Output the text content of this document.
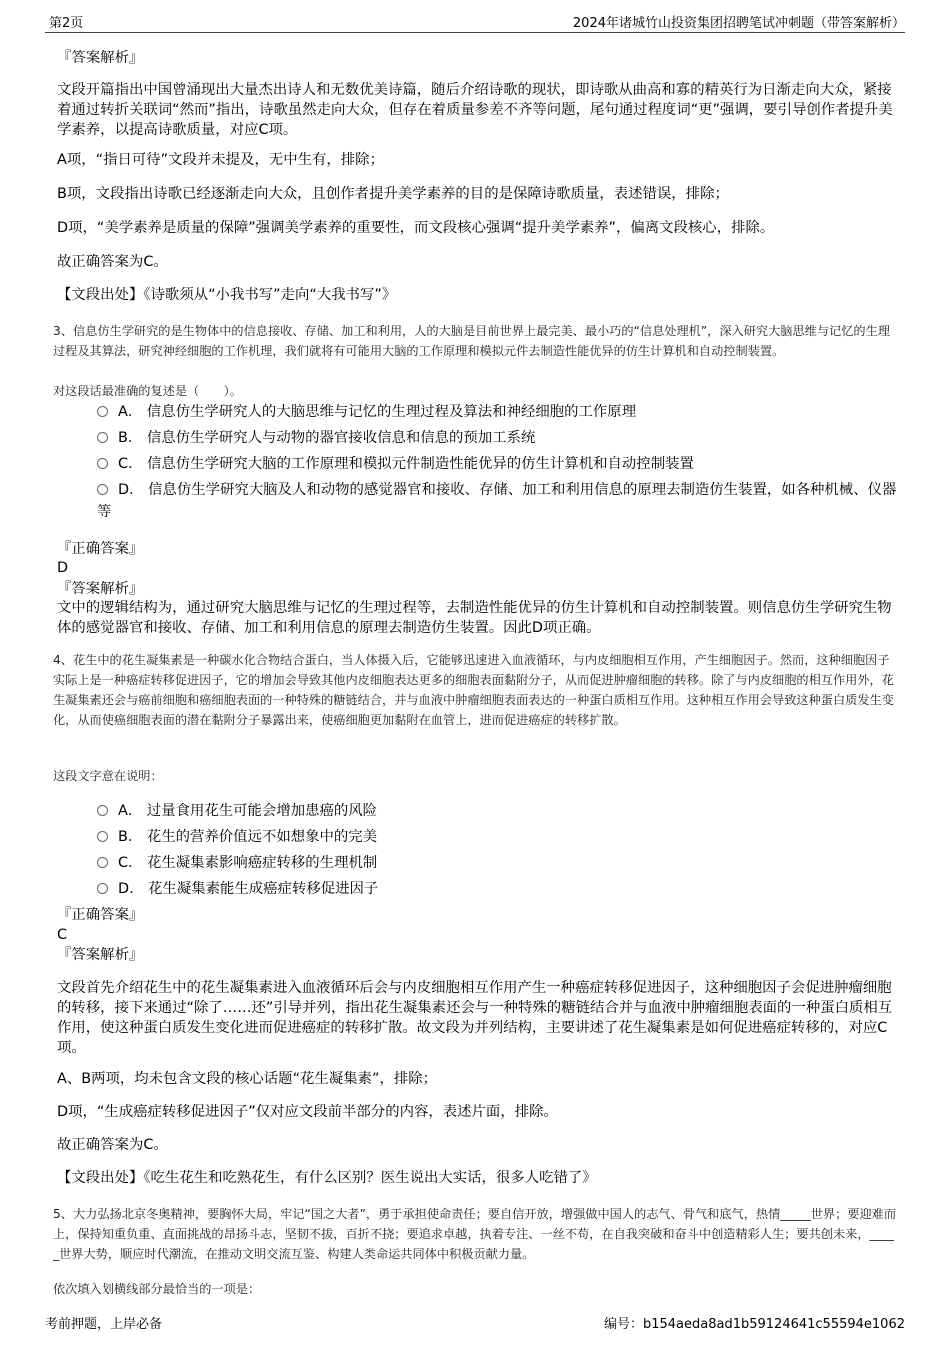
第2页	2024年诸城竹山投资集团招聘笔试冲刺题（带答案解析）
『答案解析』
文段开篇指出中国曾涌现出大量杰出诗人和无数优美诗篇，随后介绍诗歌的现状，即诗歌从曲高和寡的精英行为日渐走向大众，紧接着通过转折关联词“然而”指出，诗歌虽然走向大众，但存在着质量参差不齐等问题，尾句通过程度词“更”强调，要引导创作者提升美学素养，以提高诗歌质量，对应C项。
A项，“指日可待”文段并未提及，无中生有，排除；
B项，文段指出诗歌已经逐渐走向大众，且创作者提升美学素养的目的是保障诗歌质量，表述错误，排除；
D项，“美学素养是质量的保障”强调美学素养的重要性，而文段核心强调“提升美学素养”，偏离文段核心，排除。
故正确答案为C。
【文段出处】《诗歌须从“小我书写”走向“大我书写”》
3、信息仿生学研究的是生物体中的信息接收、存储、加工和利用，人的大脑是目前世界上最完美、最小巧的“信息处理机”，深入研究大脑思维与记忆的生理过程及其算法，研究神经细胞的工作机理，我们就将有可能用大脑的工作原理和模拟元件去制造性能优异的仿生计算机和自动控制装置。
对这段话最准确的复述是（　　）。
A． 信息仿生学研究人的大脑思维与记忆的生理过程及算法和神经细胞的工作原理
B． 信息仿生学研究人与动物的器官接收信息和信息的预加工系统
C． 信息仿生学研究大脑的工作原理和模拟元件制造性能优异的仿生计算机和自动控制装置
D． 信息仿生学研究大脑及人和动物的感觉器官和接收、存储、加工和利用信息的原理去制造仿生装置，如各种机械、仪器等
『正确答案』
D
『答案解析』
文中的逻辑结构为，通过研究大脑思维与记忆的生理过程等，去制造性能优异的仿生计算机和自动控制装置。则信息仿生学研究生物体的感觉器官和接收、存储、加工和利用信息的原理去制造仿生装置。因此D项正确。
4、花生中的花生凝集素是一种碳水化合物结合蛋白，当人体摄入后，它能够迅速进入血液循环，与内皮细胞相互作用，产生细胞因子。然而，这种细胞因子实际上是一种癌症转移促进因子，它的增加会导致其他内皮细胞表达更多的细胞表面黏附分子，从而促进肿瘤细胞的转移。除了与内皮细胞的相互作用外，花生凝集素还会与癌前细胞和癌细胞表面的一种特殊的糖链结合，并与血液中肿瘤细胞表面表达的一种蛋白质相互作用。这种相互作用会导致这种蛋白质发生变化，从而使癌细胞表面的潜在黏附分子暴露出来，使癌细胞更加黏附在血管上，进而促进癌症的转移扩散。
这段文字意在说明：
A． 过量食用花生可能会增加患癌的风险
B． 花生的营养价值远不如想象中的完美
C． 花生凝集素影响癌症转移的生理机制
D． 花生凝集素能生成癌症转移促进因子
『正确答案』
C
『答案解析』
文段首先介绍花生中的花生凝集素进入血液循环后会与内皮细胞相互作用产生一种癌症转移促进因子，这种细胞因子会促进肿瘤细胞的转移，接下来通过“除了……还”引导并列，指出花生凝集素还会与一种特殊的糖链结合并与血液中肿瘤细胞表面的一种蛋白质相互作用，使这种蛋白质发生变化进而促进癌症的转移扩散。故文段为并列结构，主要讲述了花生凝集素是如何促进癌症转移的，对应C项。
A、B两项，均未包含文段的核心话题“花生凝集素”，排除；
D项，“生成癌症转移促进因子”仅对应文段前半部分的内容，表述片面，排除。
故正确答案为C。
【文段出处】《吃生花生和吃熟花生，有什么区别？医生说出大实话，很多人吃错了》
5、大力弘扬北京冬奥精神，要胸怀大局，牢记“国之大者”，勇于承担使命责任；要自信开放，增强做中国人的志气、骨气和底气，热情_____世界；要迎难而上，保持知重负重、直面挑战的昂扬斗志，坚韧不拔，百折不挠；要追求卓越，执着专注、一丝不苟，在自我突破和奋斗中创造精彩人生；要共创未来，_____世界大势，顺应时代潮流，在推动文明交流互鉴、构建人类命运共同体中积极贡献力量。
依次填入划横线部分最恰当的一项是：
考前押题，上岸必备	编号：b154aeda8ad1b59124641c55594e1062
